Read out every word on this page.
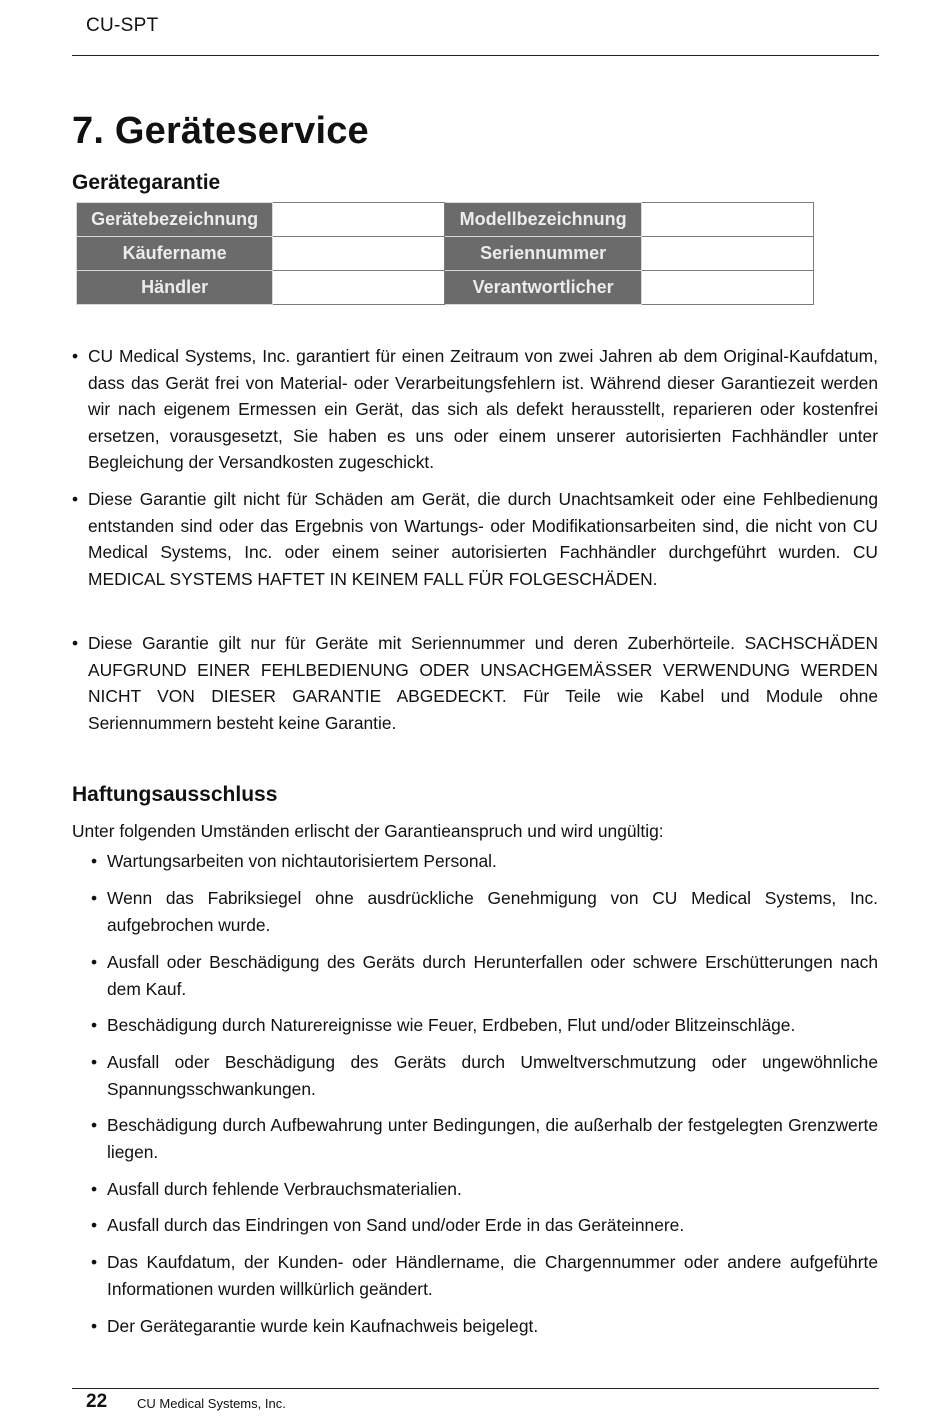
CU-SPT
7. Geräteservice
Gerätegarantie
Gerätebezeichnung		Modellbezeichnung	
Käufername		Seriennummer	
Händler		Verantwortlicher	

• CU Medical Systems, Inc. garantiert für einen Zeitraum von zwei Jahren ab dem Original-Kaufdatum, dass das Gerät frei von Material- oder Verarbeitungsfehlern ist. Während dieser Garantiezeit werden wir nach eigenem Ermessen ein Gerät, das sich als defekt herausstellt, reparieren oder kostenfrei ersetzen, vorausgesetzt, Sie haben es uns oder einem unserer autorisierten Fachhändler unter Begleichung der Versandkosten zugeschickt.

• Diese Garantie gilt nicht für Schäden am Gerät, die durch Unachtsamkeit oder eine Fehlbedienung entstanden sind oder das Ergebnis von Wartungs- oder Modifikationsarbeiten sind, die nicht von CU Medical Systems, Inc. oder einem seiner autorisierten Fachhändler durchgeführt wurden. CU MEDICAL SYSTEMS HAFTET IN KEINEM FALL FÜR FOLGESCHÄDEN.

• Diese Garantie gilt nur für Geräte mit Seriennummer und deren Zuberhörteile. SACHSCHÄDEN AUFGRUND EINER FEHLBEDIENUNG ODER UNSACHGEMÄSSER VERWENDUNG WERDEN NICHT VON DIESER GARANTIE ABGEDECKT. Für Teile wie Kabel und Module ohne Seriennummern besteht keine Garantie.

Haftungsausschluss

Unter folgenden Umständen erlischt der Garantieanspruch und wird ungültig:

• Wartungsarbeiten von nichtautorisiertem Personal.

• Wenn das Fabriksiegel ohne ausdrückliche Genehmigung von CU Medical Systems, Inc. aufgebrochen wurde.

• Ausfall oder Beschädigung des Geräts durch Herunterfallen oder schwere Erschütterungen nach dem Kauf.

• Beschädigung durch Naturereignisse wie Feuer, Erdbeben, Flut und/oder Blitzeinschläge.

• Ausfall oder Beschädigung des Geräts durch Umweltverschmutzung oder ungewöhnliche Spannungsschwankungen.

• Beschädigung durch Aufbewahrung unter Bedingungen, die außerhalb der festgelegten Grenzwerte liegen.

• Ausfall durch fehlende Verbrauchsmaterialien.

• Ausfall durch das Eindringen von Sand und/oder Erde in das Geräteinnere.

• Das Kaufdatum, der Kunden- oder Händlername, die Chargennummer oder andere aufgeführte Informationen wurden willkürlich geändert.

• Der Gerätegarantie wurde kein Kaufnachweis beigelegt.

22 CU Medical Systems, Inc.
